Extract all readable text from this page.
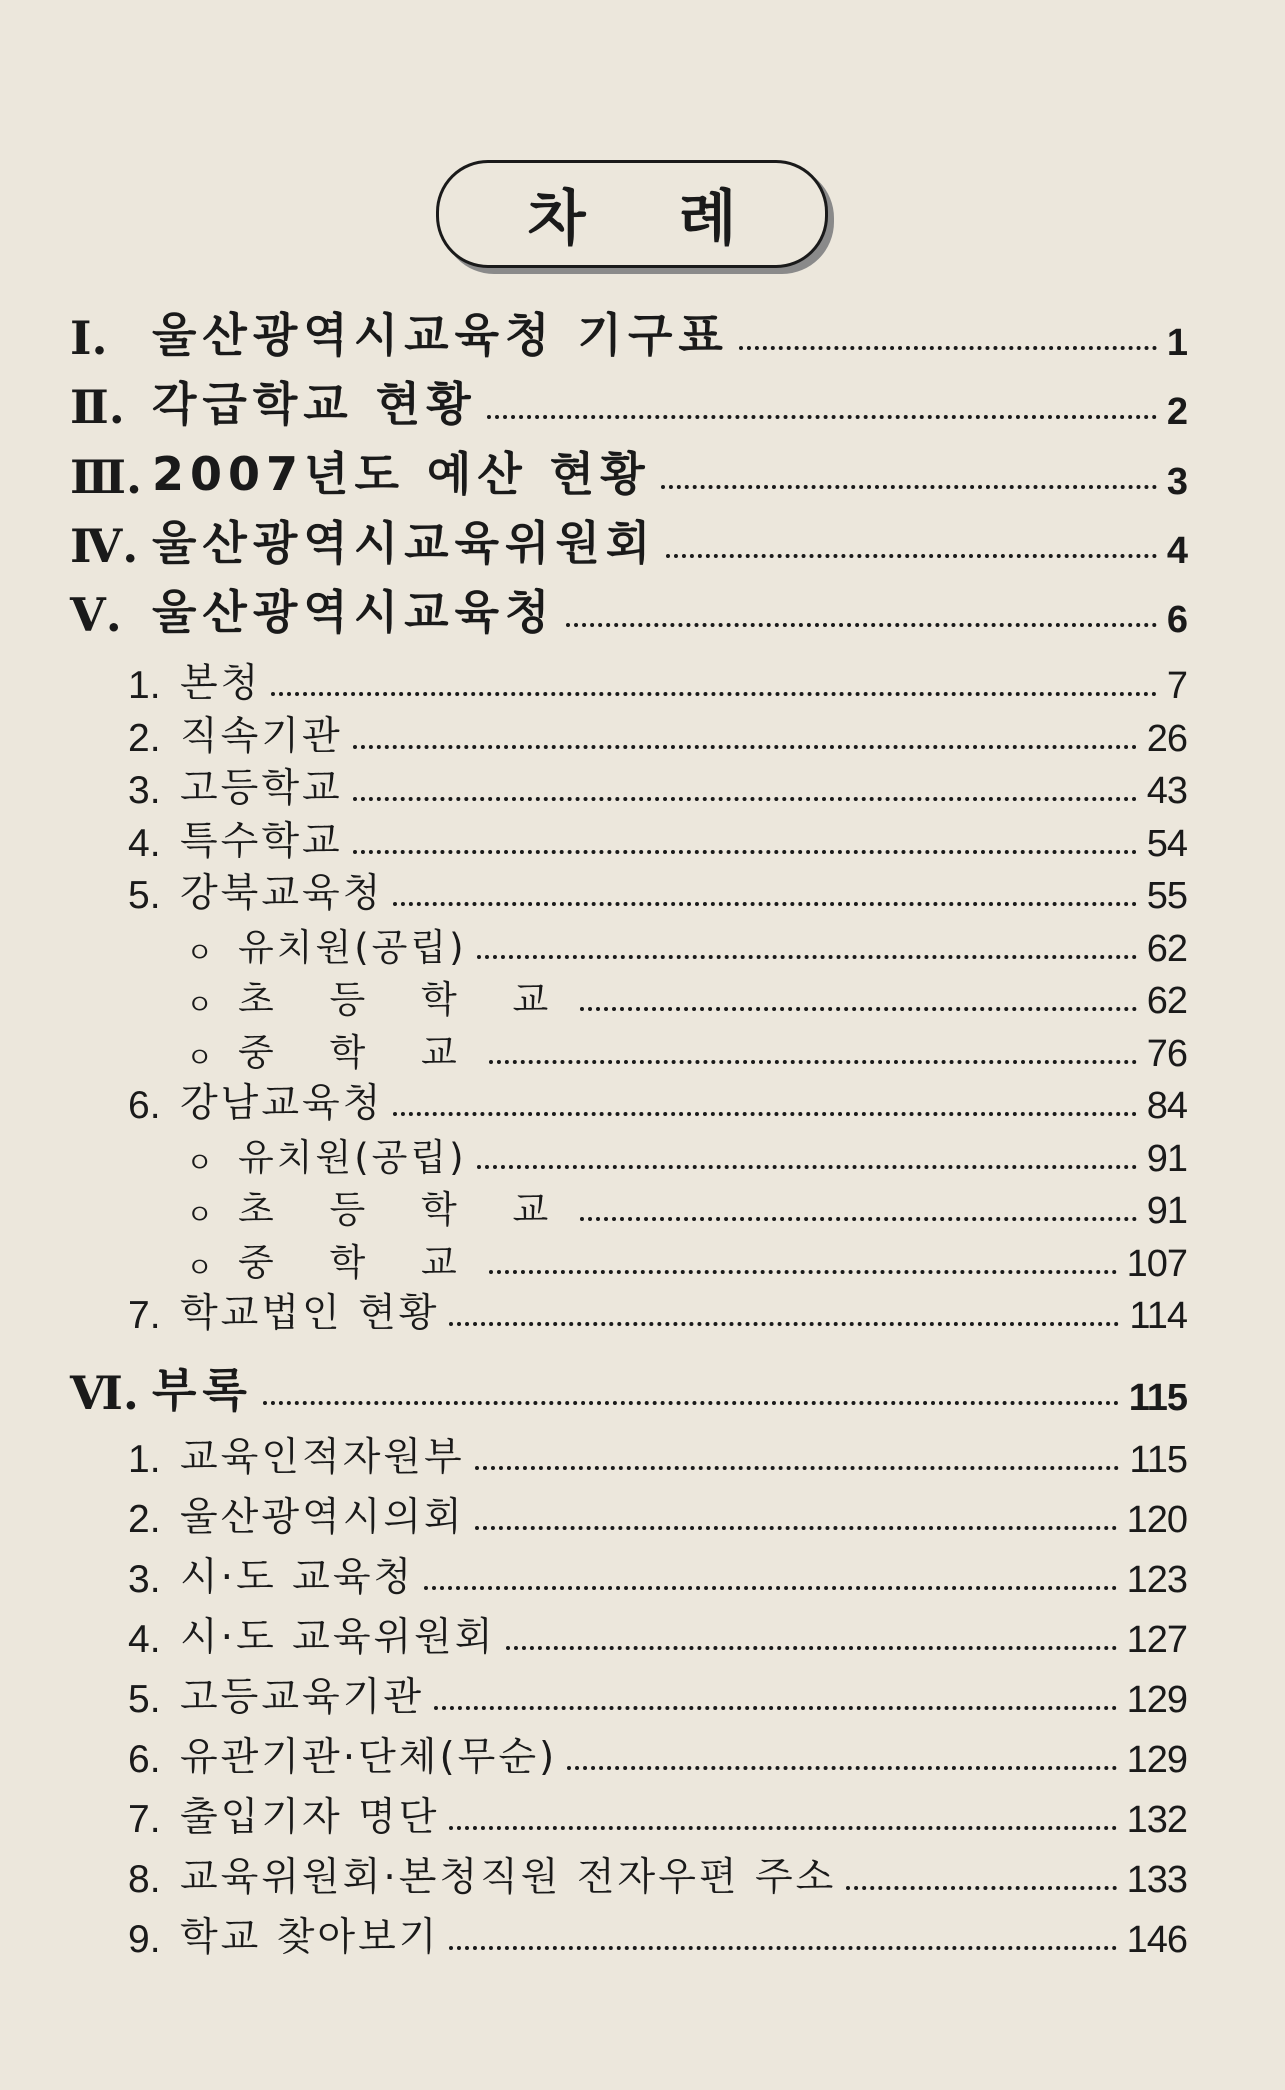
차 례
Ⅰ. 울산광역시교육청 기구표	1
Ⅱ. 각급학교 현황	2
Ⅲ. 2007년도 예산 현황	3
Ⅳ. 울산광역시교육위원회	4
Ⅴ. 울산광역시교육청	6
1. 본청	7
2. 직속기관	26
3. 고등학교	43
4. 특수학교	54
5. 강북교육청	55
ㅇ 유치원(공립)	62
ㅇ 초 등 학 교	62
ㅇ 중 학 교	76
6. 강남교육청	84
ㅇ 유치원(공립)	91
ㅇ 초 등 학 교	91
ㅇ 중 학 교	107
7. 학교법인 현황	114
Ⅵ. 부록	115
1. 교육인적자원부	115
2. 울산광역시의회	120
3. 시·도 교육청	123
4. 시·도 교육위원회	127
5. 고등교육기관	129
6. 유관기관·단체(무순)	129
7. 출입기자 명단	132
8. 교육위원회·본청직원 전자우편 주소	133
9. 학교 찾아보기	146
